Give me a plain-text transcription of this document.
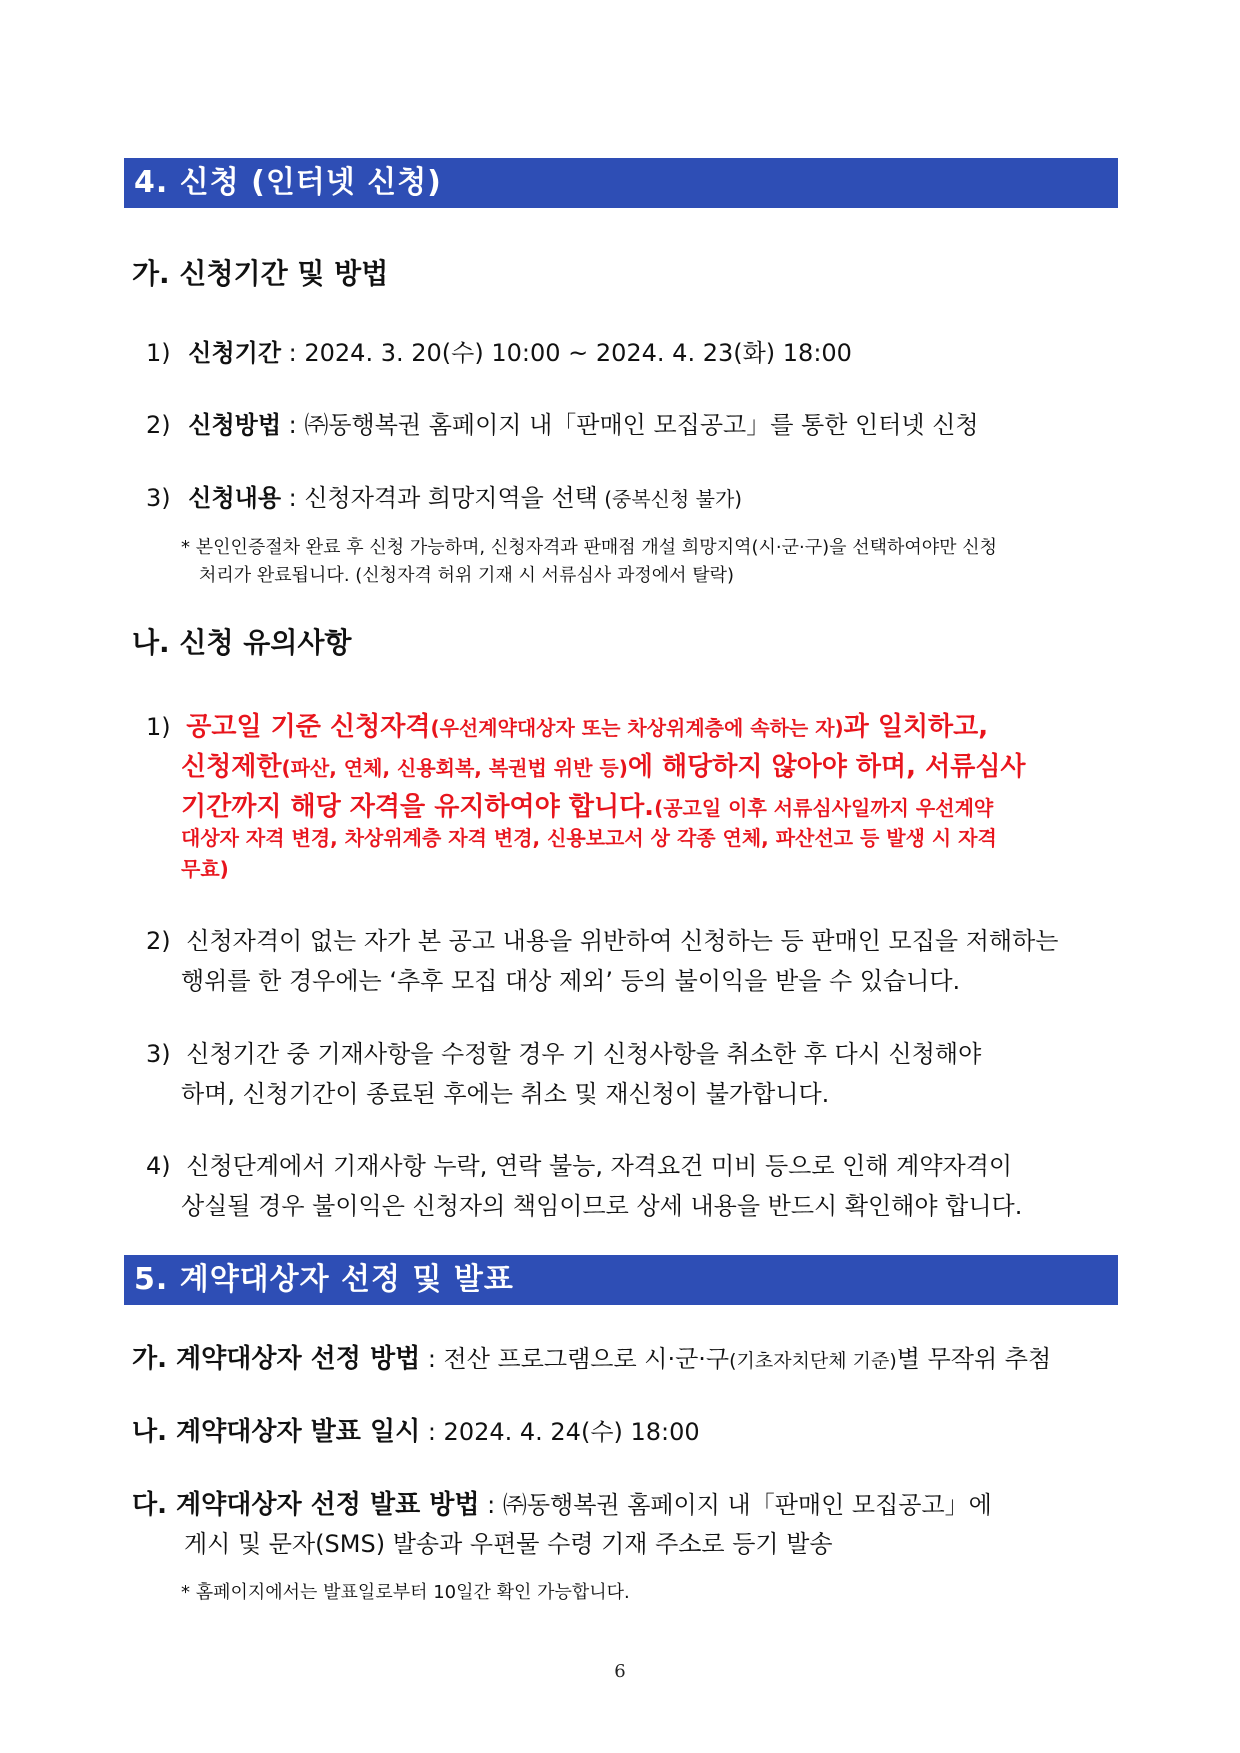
4. 신청 (인터넷 신청)
가. 신청기간 및 방법
1) 신청기간 : 2024. 3. 20(수) 10:00 ~ 2024. 4. 23(화) 18:00
2) 신청방법 : ㈜동행복권 홈페이지 내「판매인 모집공고」를 통한 인터넷 신청
3) 신청내용 : 신청자격과 희망지역을 선택 (중복신청 불가)
* 본인인증절차 완료 후 신청 가능하며, 신청자격과 판매점 개설 희망지역(시·군·구)을 선택하여야만 신청
처리가 완료됩니다. (신청자격 허위 기재 시 서류심사 과정에서 탈락)
나. 신청 유의사항
1) 공고일 기준 신청자격(우선계약대상자 또는 차상위계층에 속하는 자)과 일치하고,
신청제한(파산, 연체, 신용회복, 복권법 위반 등)에 해당하지 않아야 하며, 서류심사
기간까지 해당 자격을 유지하여야 합니다.(공고일 이후 서류심사일까지 우선계약
대상자 자격 변경, 차상위계층 자격 변경, 신용보고서 상 각종 연체, 파산선고 등 발생 시 자격
무효)
2) 신청자격이 없는 자가 본 공고 내용을 위반하여 신청하는 등 판매인 모집을 저해하는
행위를 한 경우에는 ‘추후 모집 대상 제외’ 등의 불이익을 받을 수 있습니다.
3) 신청기간 중 기재사항을 수정할 경우 기 신청사항을 취소한 후 다시 신청해야
하며, 신청기간이 종료된 후에는 취소 및 재신청이 불가합니다.
4) 신청단계에서 기재사항 누락, 연락 불능, 자격요건 미비 등으로 인해 계약자격이
상실될 경우 불이익은 신청자의 책임이므로 상세 내용을 반드시 확인해야 합니다.
5. 계약대상자 선정 및 발표
가. 계약대상자 선정 방법 : 전산 프로그램으로 시·군·구(기초자치단체 기준)별 무작위 추첨
나. 계약대상자 발표 일시 : 2024. 4. 24(수) 18:00
다. 계약대상자 선정 발표 방법 : ㈜동행복권 홈페이지 내「판매인 모집공고」에
게시 및 문자(SMS) 발송과 우편물 수령 기재 주소로 등기 발송
* 홈페이지에서는 발표일로부터 10일간 확인 가능합니다.
6
